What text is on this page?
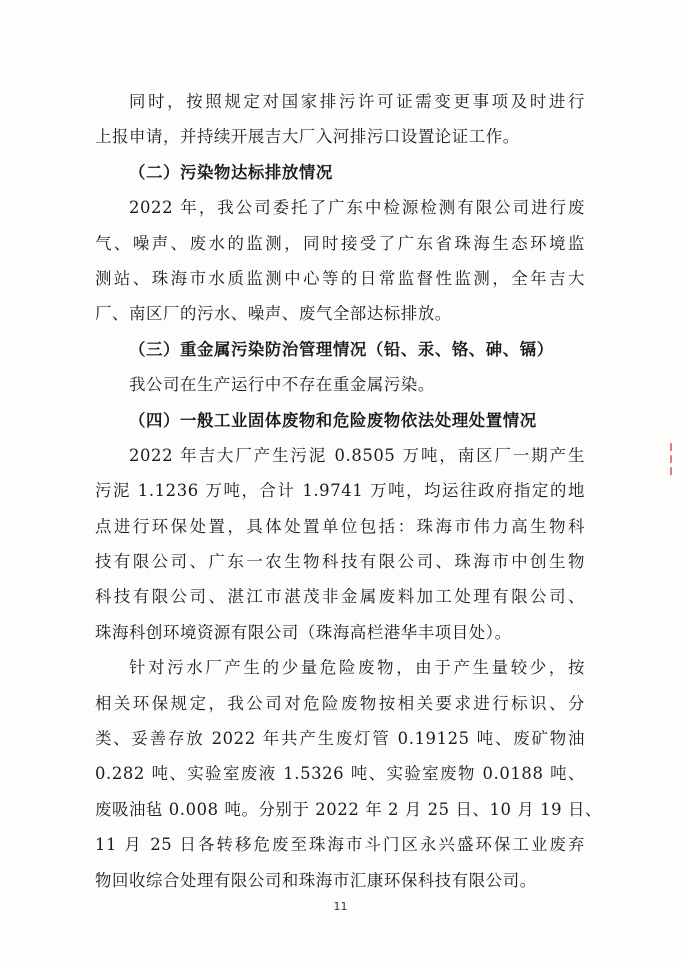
同时，按照规定对国家排污许可证需变更事项及时进行
上报申请，并持续开展吉大厂入河排污口设置论证工作。
（二）污染物达标排放情况
2022 年，我公司委托了广东中检源检测有限公司进行废
气、噪声、废水的监测，同时接受了广东省珠海生态环境监
测站、珠海市水质监测中心等的日常监督性监测，全年吉大
厂、南区厂的污水、噪声、废气全部达标排放。
（三）重金属污染防治管理情况（铅、汞、铬、砷、镉）
我公司在生产运行中不存在重金属污染。
（四）一般工业固体废物和危险废物依法处理处置情况
2022 年吉大厂产生污泥 0.8505 万吨，南区厂一期产生
污泥 1.1236 万吨，合计 1.9741 万吨，均运往政府指定的地
点进行环保处置，具体处置单位包括：珠海市伟力高生物科
技有限公司、广东一农生物科技有限公司、珠海市中创生物
科技有限公司、湛江市湛茂非金属废料加工处理有限公司、
珠海科创环境资源有限公司（珠海高栏港华丰项目处）。
针对污水厂产生的少量危险废物，由于产生量较少，按
相关环保规定，我公司对危险废物按相关要求进行标识、分
类、妥善存放 2022 年共产生废灯管 0.19125 吨、废矿物油
0.282 吨、实验室废液 1.5326 吨、实验室废物 0.0188 吨、
废吸油毡 0.008 吨。分别于 2022 年 2 月 25 日、10 月 19 日、
11 月 25 日各转移危废至珠海市斗门区永兴盛环保工业废弃
物回收综合处理有限公司和珠海市汇康环保科技有限公司。
11
